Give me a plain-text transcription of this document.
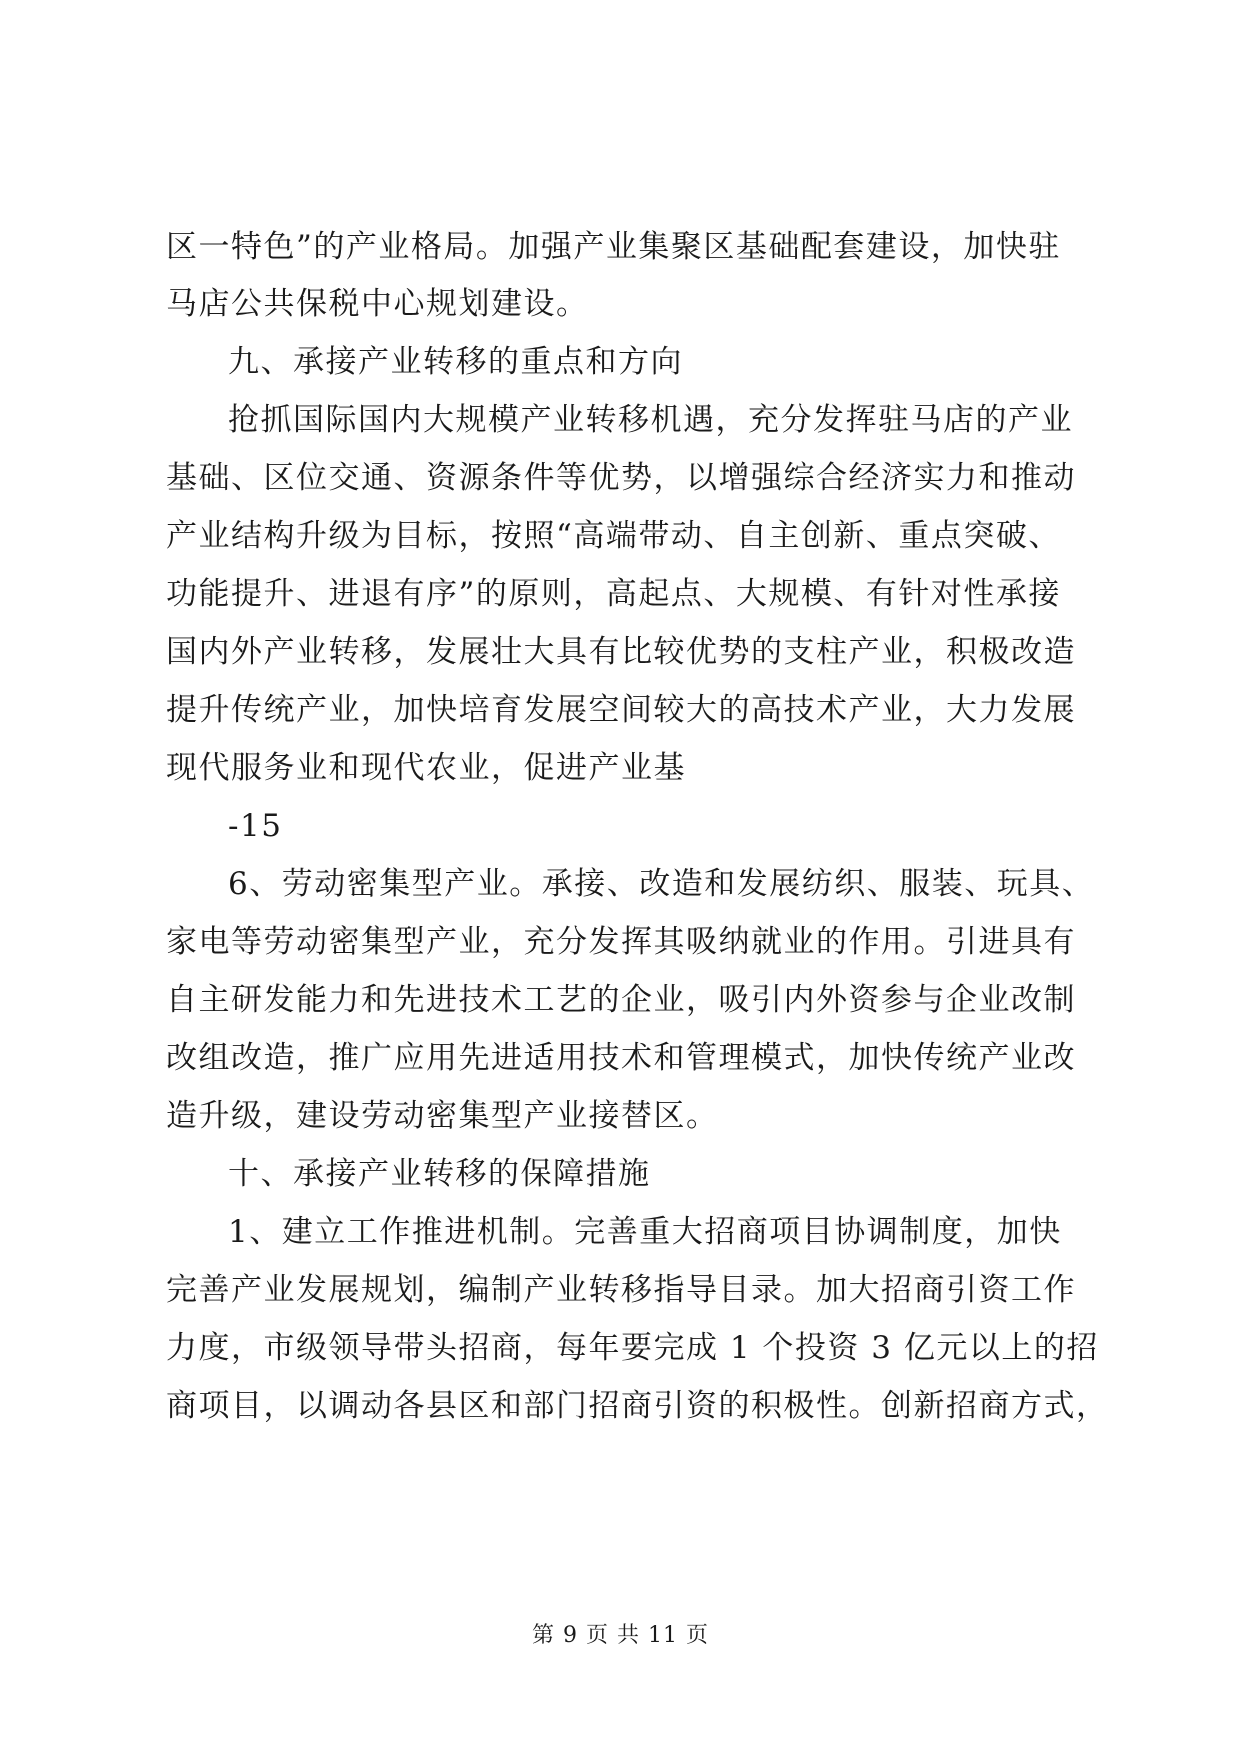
区一特色”的产业格局。加强产业集聚区基础配套建设，加快驻
马店公共保税中心规划建设。
九、承接产业转移的重点和方向
抢抓国际国内大规模产业转移机遇，充分发挥驻马店的产业
基础、区位交通、资源条件等优势，以增强综合经济实力和推动
产业结构升级为目标，按照“高端带动、自主创新、重点突破、
功能提升、进退有序”的原则，高起点、大规模、有针对性承接
国内外产业转移，发展壮大具有比较优势的支柱产业，积极改造
提升传统产业，加快培育发展空间较大的高技术产业，大力发展
现代服务业和现代农业，促进产业基
-15
6、劳动密集型产业。承接、改造和发展纺织、服装、玩具、
家电等劳动密集型产业，充分发挥其吸纳就业的作用。引进具有
自主研发能力和先进技术工艺的企业，吸引内外资参与企业改制
改组改造，推广应用先进适用技术和管理模式，加快传统产业改
造升级，建设劳动密集型产业接替区。
十、承接产业转移的保障措施
1、建立工作推进机制。完善重大招商项目协调制度，加快
完善产业发展规划，编制产业转移指导目录。加大招商引资工作
力度，市级领导带头招商，每年要完成 1 个投资 3 亿元以上的招
商项目，以调动各县区和部门招商引资的积极性。创新招商方式，
第 9 页 共 11 页
